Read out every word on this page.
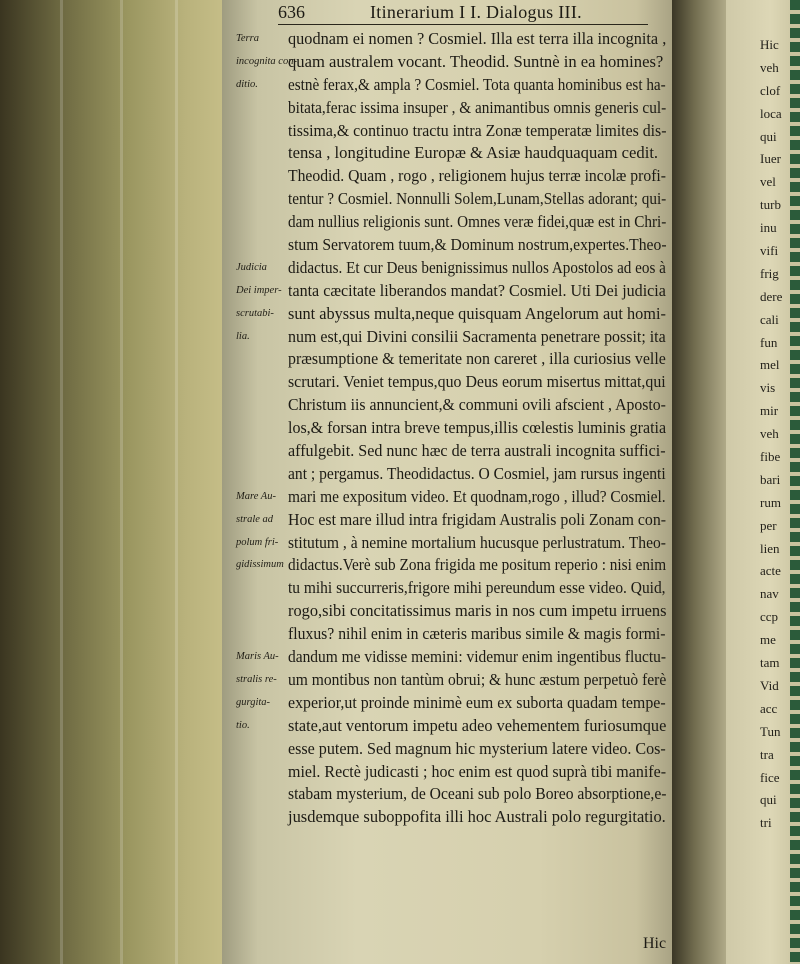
636	Itinerarium I I. Dialogus III.
Terra	quodnam ei nomen ? Cosmiel. Illa est terra illa incognita ,
incognita con-
quam australem vocant. Theodid. Suntnè in ea homines?
ditio.	estnè ferax,& ampla ? Cosmiel. Tota quanta hominibus est ha-
bitata,ferac issima insuper , & animantibus omnis generis cul-
tissima,& continuo tractu intra Zonæ temperatæ limites dis-
tensa , longitudine Europæ & Asiæ haudquaquam cedit.
Theodid. Quam , rogo , religionem hujus terræ incolæ profi-
tentur ? Cosmiel. Nonnulli Solem,Lunam,Stellas adorant; qui-
dam nullius religionis sunt. Omnes veræ fidei,quæ est in Chri-
stum Servatorem tuum,& Dominum nostrum,expertes.Theo-
Judicia	didactus. Et cur Deus benignissimus nullos Apostolos ad eos à
Dei imper- tanta cæcitate liberandos mandat? Cosmiel. Uti Dei judicia
scrutabi- sunt abyssus multa,neque quisquam Angelorum aut homi-
lia.	num est,qui Divini consilii Sacramenta penetrare possit; ita
præsumptione & temeritate non careret , illa curiosius velle
scrutari. Veniet tempus,quo Deus eorum misertus mittat,qui
Christum iis annuncient,& communi ovili afscient , Aposto-
los,& forsan intra breve tempus,illis cœlestis luminis gratia
affulgebit. Sed nunc hæc de terra australi incognita suffici-
ant ; pergamus. Theodidactus. O Cosmiel, jam rursus ingenti
Mare Au- mari me expositum video. Et quodnam,rogo , illud? Cosmiel.
strale ad Hoc est mare illud intra frigidam Australis poli Zonam con-
polum fri- stitutum , à nemine mortalium hucusque perlustratum. Theo-
gidissimum didactus.Verè sub Zona frigida me positum reperio : nisi enim
tu mihi succurreris,frigore mihi pereundum esse video. Quid,
rogo,sibi concitatissimus maris in nos cum impetu irruens
fluxus? nihil enim in cæteris maribus simile & magis formi-
Maris Au- dandum me vidisse memini: videmur enim ingentibus fluctu-
stralis re- um montibus non tantùm obrui; & hunc æstum perpetuò ferè
gurgita-	experior,ut proinde minimè eum ex suborta quadam tempe-
tio.	state,aut ventorum impetu adeo vehementem furiosumque
esse putem. Sed magnum hic mysterium latere video. Cos-
miel. Rectè judicasti ; hoc enim est quod suprà tibi manife-
stabam mysterium, de Oceani sub polo Boreo absorptione,e-
jusdemque suboppofita illi hoc Australi polo regurgitatio.
Hic
Hic
veh
clof
loca
qui
Iuer
vel
turb
inu
vifi
frig
dere
cali
fun
mel
vis
mir
veh
fibe
bari
rum
per
lien
acte
nav
ccp
me
tam
Vid
acc
Tun
tra
fice
qui
tri
